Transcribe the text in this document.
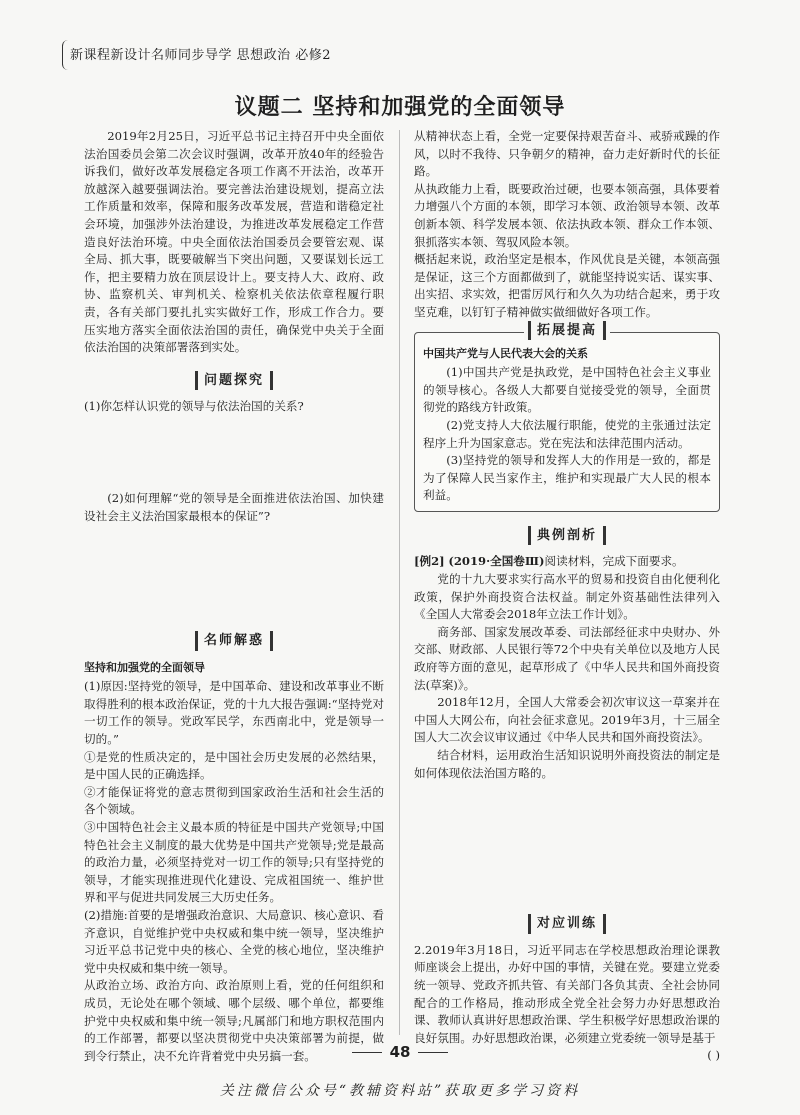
新课程新设计名师同步导学 思想政治 必修2
议题二 坚持和加强党的全面领导

2019年2月25日，习近平总书记主持召开中央全面依法治国委员会第二次会议时强调，改革开放40年的经验告诉我们，做好改革发展稳定各项工作离不开法治，改革开放越深入越要强调法治。要完善法治建设规划，提高立法工作质量和效率，保障和服务改革发展，营造和谐稳定社会环境，加强涉外法治建设，为推进改革发展稳定工作营造良好法治环境。中央全面依法治国委员会要管宏观、谋全局、抓大事，既要破解当下突出问题，又要谋划长远工作，把主要精力放在顶层设计上。要支持人大、政府、政协、监察机关、审判机关、检察机关依法依章程履行职责，各有关部门要扎扎实实做好工作，形成工作合力。要压实地方落实全面依法治国的责任，确保党中央关于全面依法治国的决策部署落到实处。

问题探究

(1)你怎样认识党的领导与依法治国的关系?

(2)如何理解“党的领导是全面推进依法治国、加快建设社会主义法治国家最根本的保证”?

名师解惑
坚持和加强党的全面领导

(1)原因:坚持党的领导，是中国革命、建设和改革事业不断取得胜利的根本政治保证，党的十九大报告强调:“坚持党对一切工作的领导。党政军民学，东西南北中，党是领导一切的。”

①是党的性质决定的，是中国社会历史发展的必然结果，是中国人民的正确选择。

②才能保证将党的意志贯彻到国家政治生活和社会生活的各个领域。

③中国特色社会主义最本质的特征是中国共产党领导;中国特色社会主义制度的最大优势是中国共产党领导;党是最高的政治力量，必须坚持党对一切工作的领导;只有坚持党的领导，才能实现推进现代化建设、完成祖国统一、维护世界和平与促进共同发展三大历史任务。

(2)措施:首要的是增强政治意识、大局意识、核心意识、看齐意识，自觉维护党中央权威和集中统一领导，坚决维护习近平总书记党中央的核心、全党的核心地位，坚决维护党中央权威和集中统一领导。

从政治立场、政治方向、政治原则上看，党的任何组织和成员，无论处在哪个领域、哪个层级、哪个单位，都要维护党中央权威和集中统一领导;凡属部门和地方职权范围内的工作部署，都要以坚决贯彻党中央决策部署为前提，做到令行禁止，决不允许背着党中央另搞一套。

从精神状态上看，全党一定要保持艰苦奋斗、戒骄戒躁的作风，以时不我待、只争朝夕的精神，奋力走好新时代的长征路。

从执政能力上看，既要政治过硬，也要本领高强，具体要着力增强八个方面的本领，即学习本领、政治领导本领、改革创新本领、科学发展本领、依法执政本领、群众工作本领、狠抓落实本领、驾驭风险本领。

概括起来说，政治坚定是根本，作风优良是关键，本领高强是保证，这三个方面都做到了，就能坚持说实话、谋实事、出实招、求实效，把雷厉风行和久久为功结合起来，勇于攻坚克难，以钉钉子精神做实做细做好各项工作。

拓展提高
中国共产党与人民代表大会的关系

(1)中国共产党是执政党，是中国特色社会主义事业的领导核心。各级人大都要自觉接受党的领导，全面贯彻党的路线方针政策。

(2)党支持人大依法履行职能，使党的主张通过法定程序上升为国家意志。党在宪法和法律范围内活动。

(3)坚持党的领导和发挥人大的作用是一致的，都是为了保障人民当家作主，维护和实现最广大人民的根本利益。

典例剖析

[例2] (2019·全国卷Ⅲ)阅读材料，完成下面要求。

党的十九大要求实行高水平的贸易和投资自由化便利化政策，保护外商投资合法权益。制定外资基础性法律列入《全国人大常委会2018年立法工作计划》。

商务部、国家发展改革委、司法部经征求中央财办、外交部、财政部、人民银行等72个中央有关单位以及地方人民政府等方面的意见，起草形成了《中华人民共和国外商投资法(草案)》。

2018年12月，全国人大常委会初次审议这一草案并在中国人大网公布，向社会征求意见。2019年3月，十三届全国人大二次会议审议通过《中华人民共和国外商投资法》。

结合材料，运用政治生活知识说明外商投资法的制定是如何体现依法治国方略的。

对应训练

2.2019年3月18日，习近平同志在学校思想政治理论课教师座谈会上提出，办好中国的事情，关键在党。要建立党委统一领导、党政齐抓共管、有关部门各负其责、全社会协同配合的工作格局，推动形成全党全社会努力办好思想政治课、教师认真讲好思想政治课、学生积极学好思想政治课的良好氛围。办好思想政治课，必须建立党委统一领导是基于
( )

48
关注微信公众号“教辅资料站”获取更多学习资料
